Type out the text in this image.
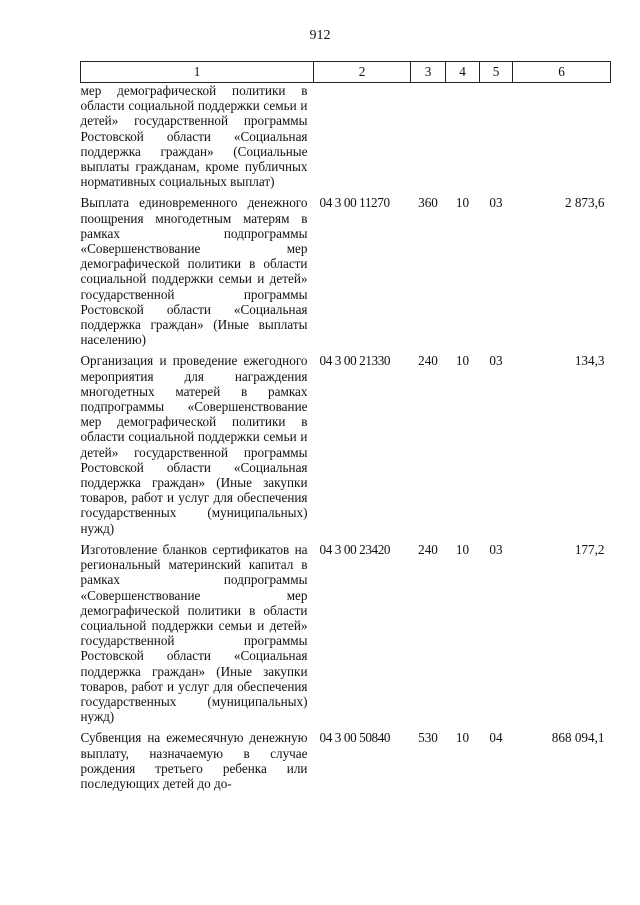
912
1	2	3	4	5	6
мер демографической политики в области социальной поддержки семьи и детей» государственной программы Ростовской области «Социальная поддержка граждан» (Социальные выплаты гражданам, кроме публичных нормативных социальных выплат)					
Выплата единовременного денежного поощрения многодетным матерям в рамках подпрограммы «Совершенствование мер демографической политики в области социальной поддержки семьи и детей» государственной программы Ростовской области «Социальная поддержка граждан» (Иные выплаты населению)	04 3 00 11270	360	10	03	2 873,6
Организация и проведение ежегодного мероприятия для награждения многодетных матерей в рамках подпрограммы «Совершенствование мер демографической политики в области социальной поддержки семьи и детей» государственной программы Ростовской области «Социальная поддержка граждан» (Иные закупки товаров, работ и услуг для обеспечения государственных (муниципальных) нужд)	04 3 00 21330	240	10	03	134,3
Изготовление бланков сертификатов на региональный материнский капитал в рамках подпрограммы «Совершенствование мер демографической политики в области социальной поддержки семьи и детей» государственной программы Ростовской области «Социальная поддержка граждан» (Иные закупки товаров, работ и услуг для обеспечения государственных (муниципальных) нужд)	04 3 00 23420	240	10	03	177,2
Субвенция на ежемесячную денежную выплату, назначаемую в случае рождения третьего ребенка или последующих детей до до-	04 3 00 50840	530	10	04	868 094,1
